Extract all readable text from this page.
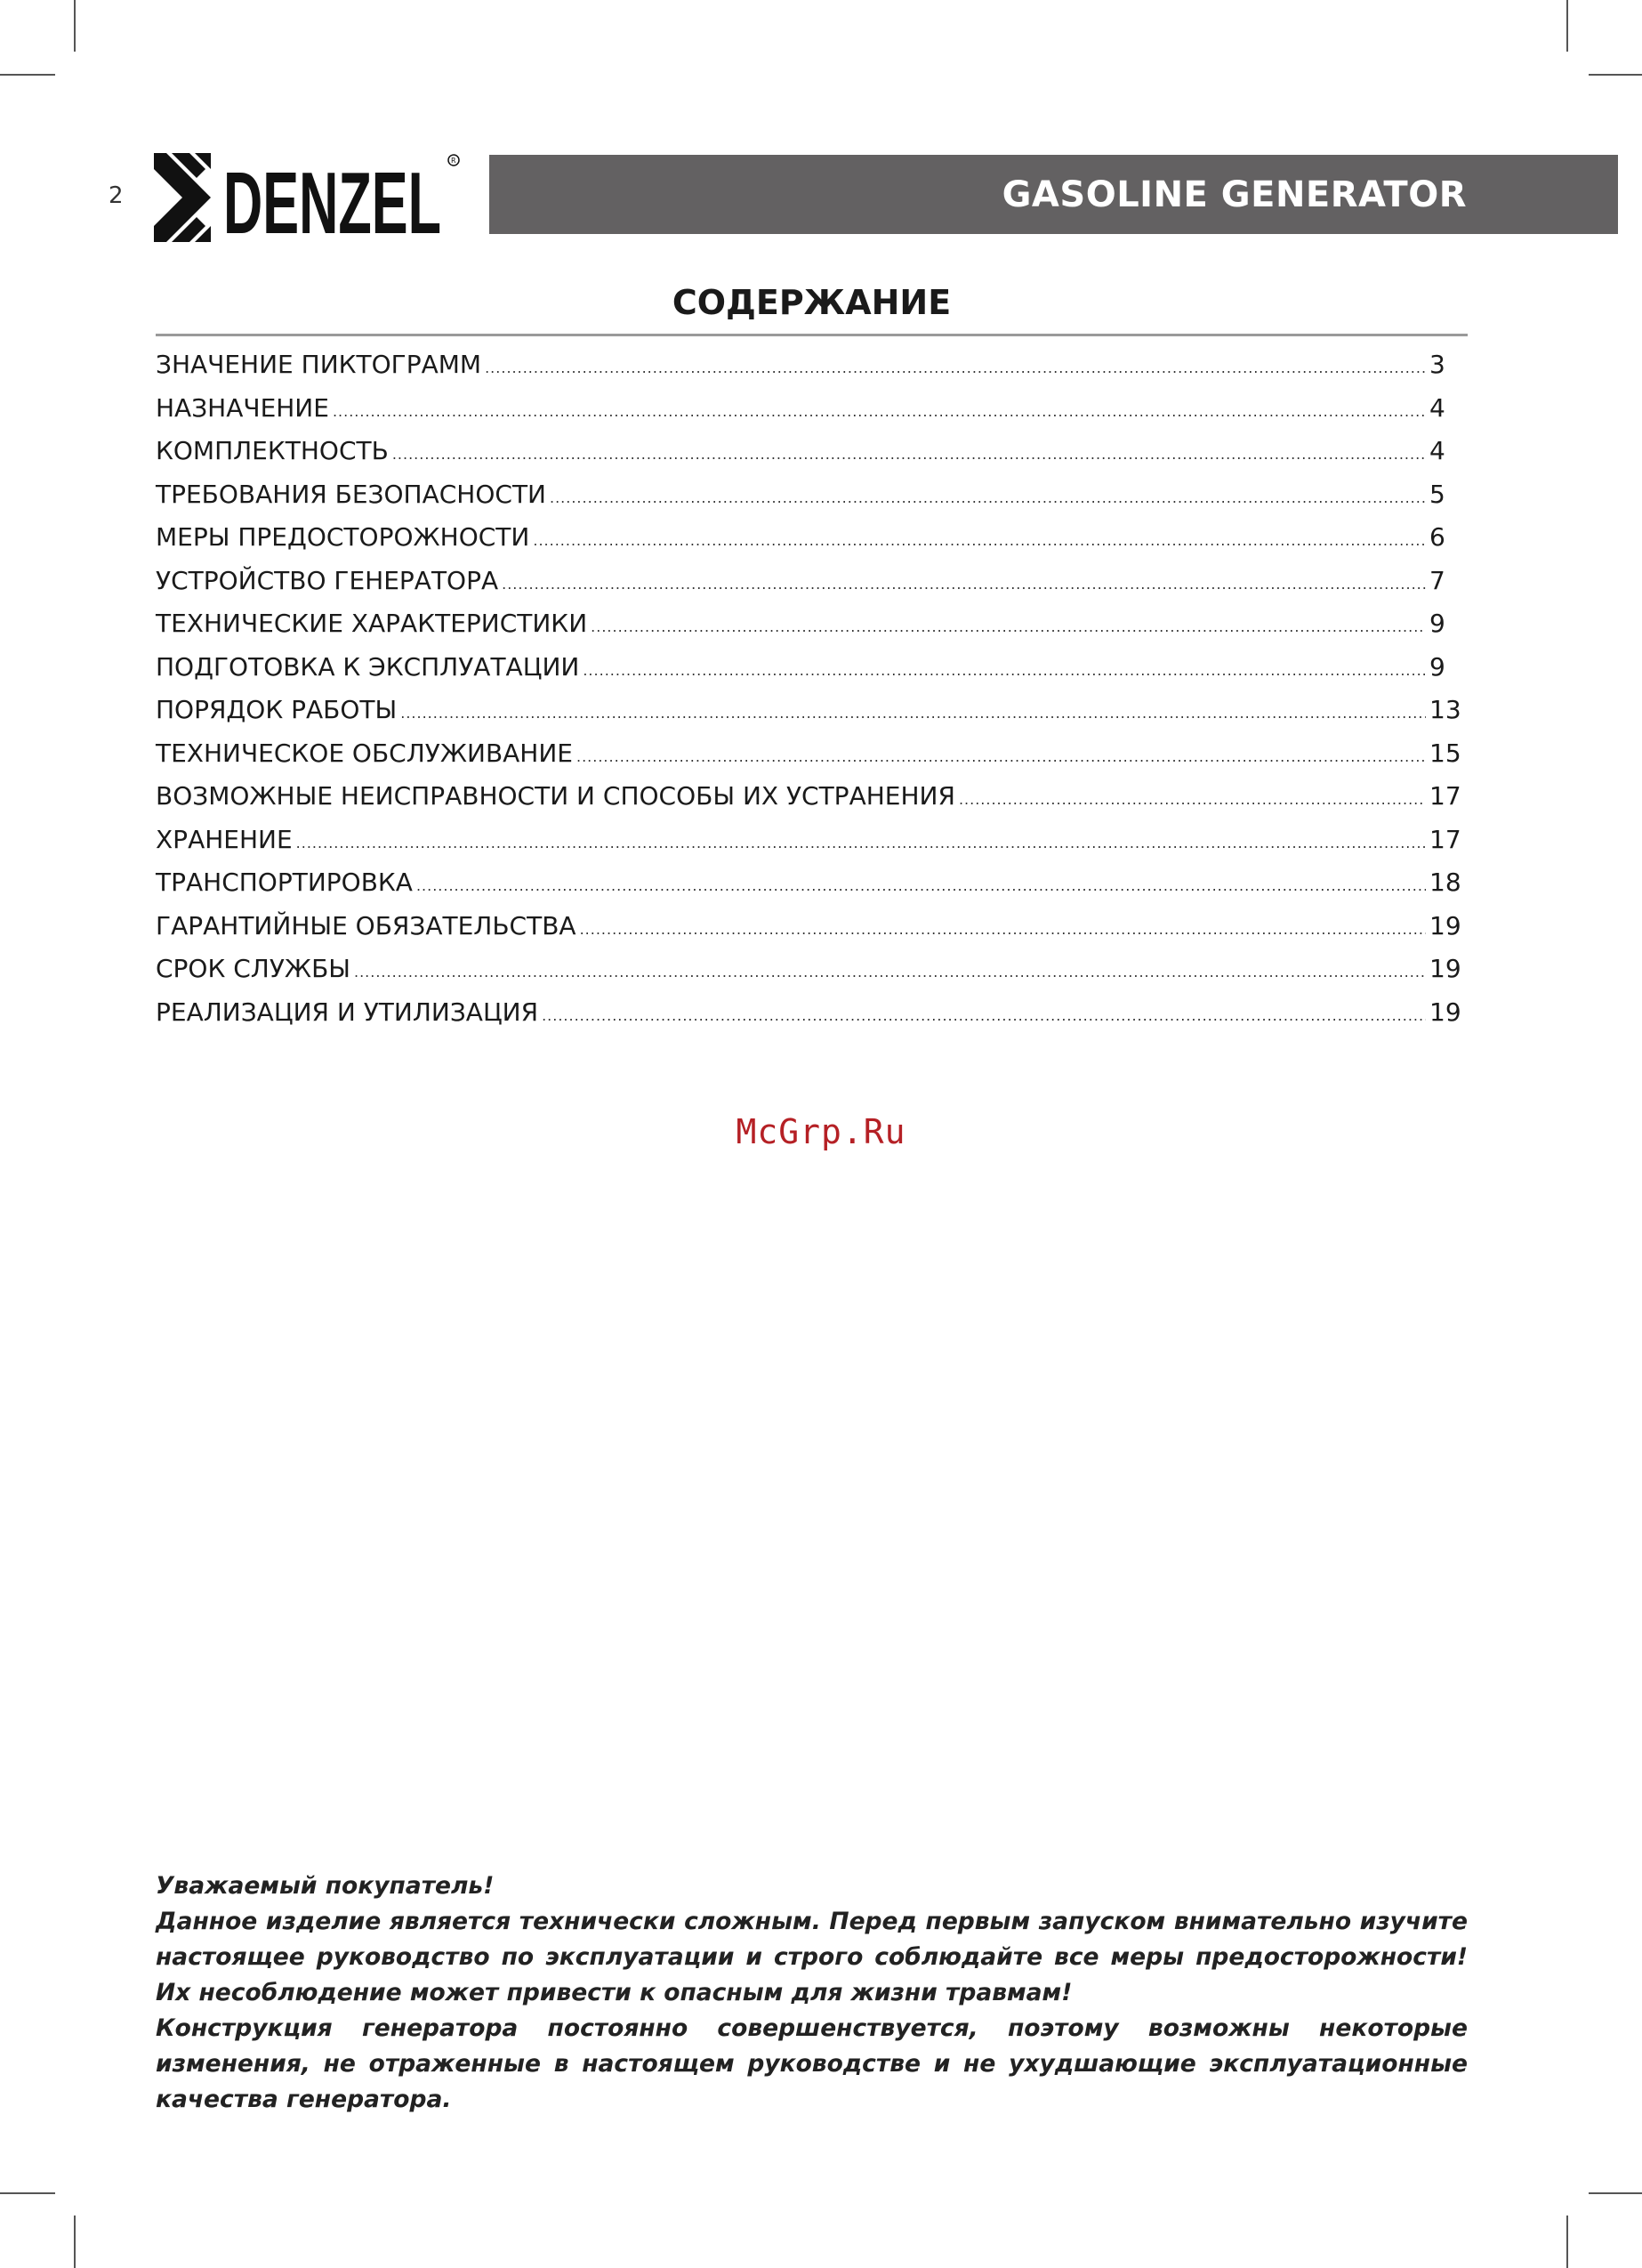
2 DENZEL R
GASOLINE GENERATOR
СОДЕРЖАНИЕ
ЗНАЧЕНИЕ ПИКТОГРАММ .....	3
НАЗНАЧЕНИЕ .....	4
КОМПЛЕКТНОСТЬ .....	4
ТРЕБОВАНИЯ БЕЗОПАСНОСТИ .....	5
МЕРЫ ПРЕДОСТОРОЖНОСТИ .....	6
УСТРОЙСТВО ГЕНЕРАТОРА .....	7
ТЕХНИЧЕСКИЕ ХАРАКТЕРИСТИКИ .....	9
ПОДГОТОВКА К ЭКСПЛУАТАЦИИ .....	9
ПОРЯДОК РАБОТЫ .....	13
ТЕХНИЧЕСКОЕ ОБСЛУЖИВАНИЕ .....	15
ВОЗМОЖНЫЕ НЕИСПРАВНОСТИ И СПОСОБЫ ИХ УСТРАНЕНИЯ .....	17
ХРАНЕНИЕ .....	17
ТРАНСПОРТИРОВКА .....	18
ГАРАНТИЙНЫЕ ОБЯЗАТЕЛЬСТВА .....	19
СРОК СЛУЖБЫ .....	19
РЕАЛИЗАЦИЯ И УТИЛИЗАЦИЯ .....	19
McGrp.Ru

Уважаемый покупатель!

Данное изделие является технически сложным. Перед первым запуском внимательно изучите настоящее руководство по эксплуатации и строго соблюдайте все меры предосторожности! Их несоблюдение может привести к опасным для жизни травмам!

Конструкция генератора постоянно совершенствуется, поэтому возможны некоторые изменения, не отраженные в настоящем руководстве и не ухудшающие эксплуатационные качества генератора.
